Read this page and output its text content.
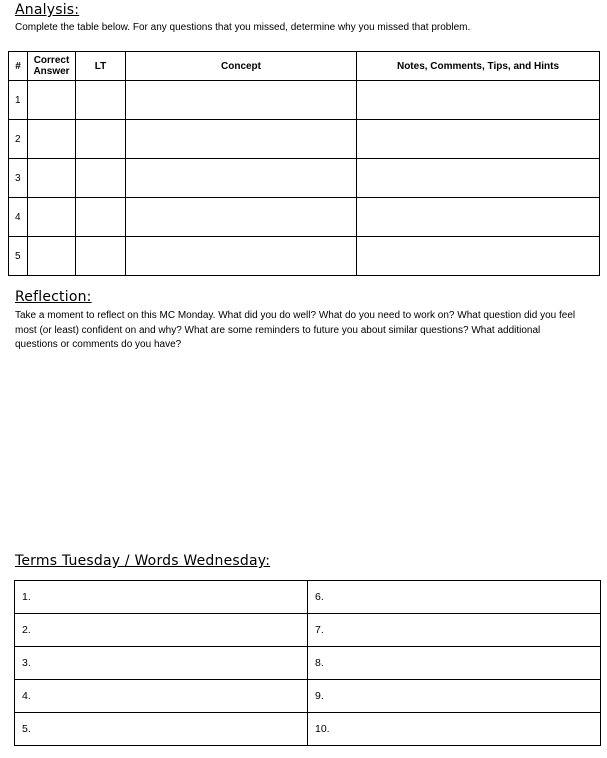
Analysis:
Complete the table below. For any questions that you missed, determine why you missed that problem.
#	Correct Answer	LT	Concept	Notes, Comments, Tips, and Hints
1				
2				
3				
4				
5				
Reflection:
Take a moment to reflect on this MC Monday. What did you do well? What do you need to work on? What question did you feel most (or least) confident on and why? What are some reminders to future you about similar questions? What additional questions or comments do you have?
Terms Tuesday / Words Wednesday:
1.	6.
2.	7.
3.	8.
4.	9.
5.	10.
